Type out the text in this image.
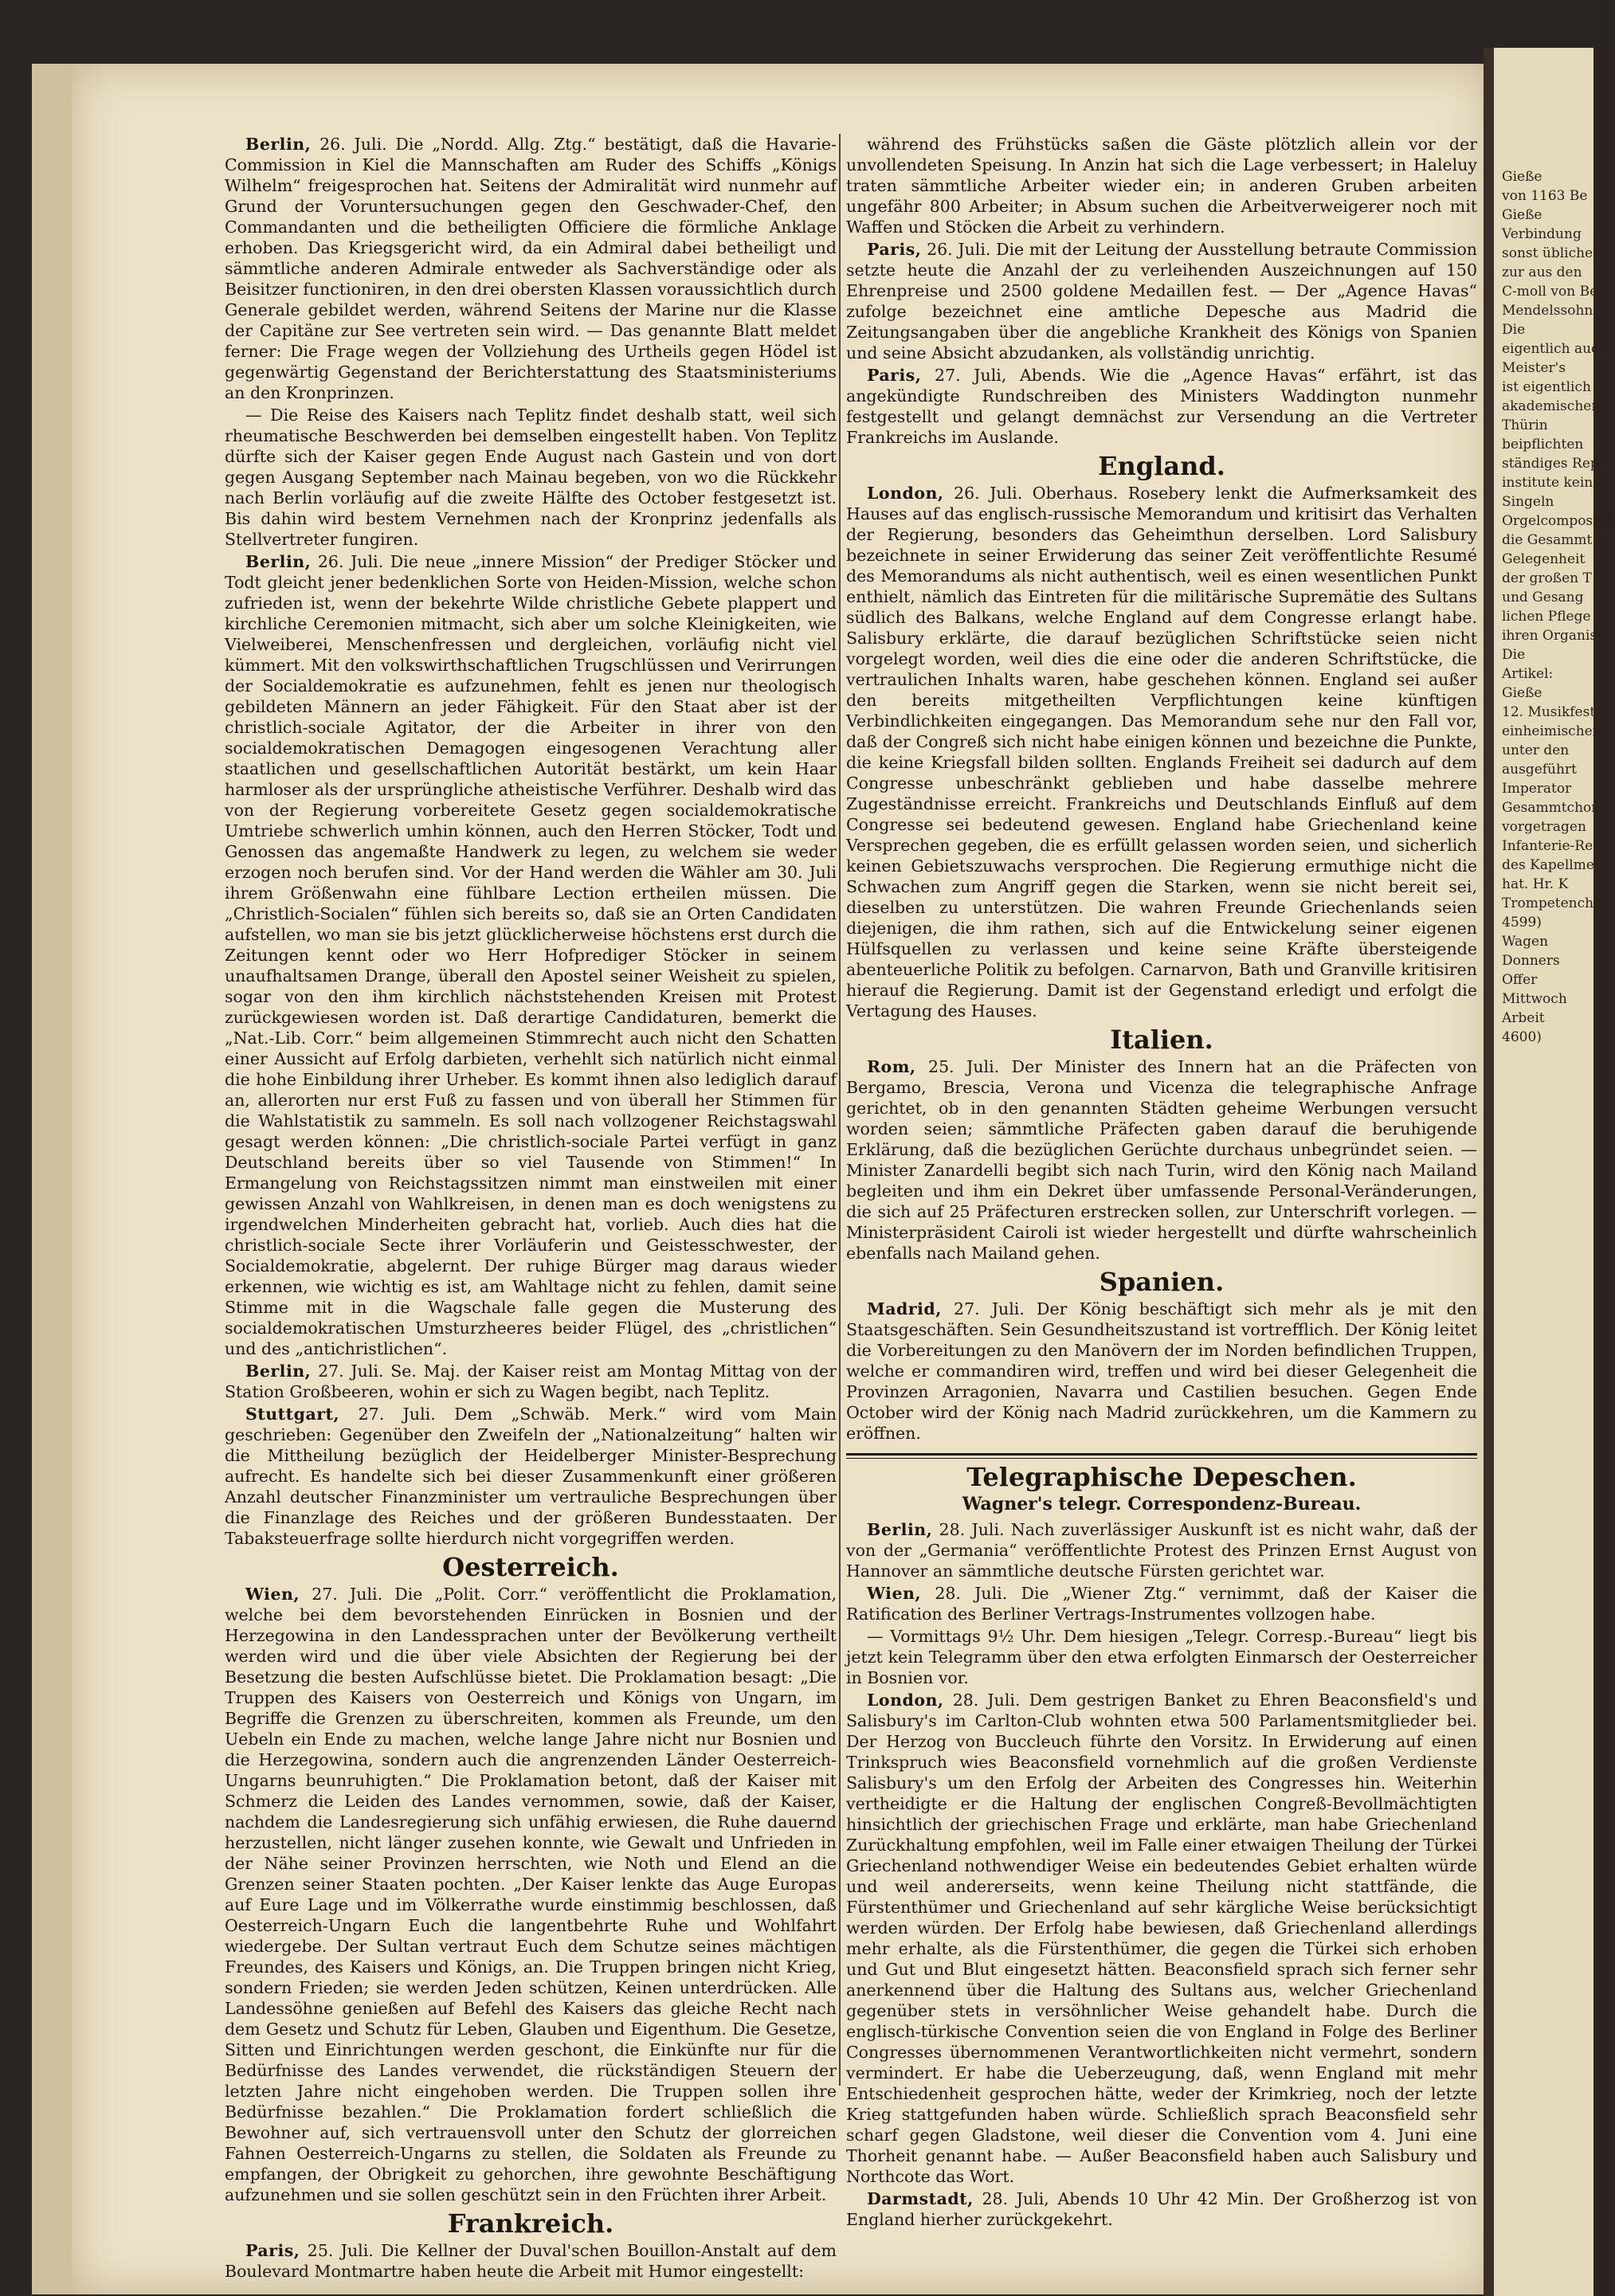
Gieße
von 1163 Be
Gieße
Verbindung
sonst üblichen
zur aus den
C-moll von Be
Mendelssohn
Die
eigentlich auch
Meister's
ist eigentlich
akademischen
Thürin
beipflichten
ständiges Repe
institute kein
Singeln
Orgelcompositio
die Gesammt
Gelegenheit
der großen T
und Gesang
lichen Pflege
ihren Organism
Die
Artikel:
Gieße
12. Musikfest
einheimischen
unter den
ausgeführt
Imperator
Gesammtchor
vorgetragen
Infanterie-Re
des Kapellmei
hat. Hr. K
Trompetenchor
4599)
Wagen
Donners
Offer
Mittwoch
Arbeit
4600)

Berlin, 26. Juli. Die „Nordd. Allg. Ztg.“ bestätigt, daß die Havarie-Commission in Kiel die Mannschaften am Ruder des Schiffs „Königs Wilhelm“ freigesprochen hat. Seitens der Admiralität wird nunmehr auf Grund der Voruntersuchungen gegen den Geschwader-Chef, den Commandanten und die betheiligten Officiere die förmliche Anklage erhoben. Das Kriegsgericht wird, da ein Admiral dabei betheiligt und sämmtliche anderen Admirale entweder als Sachverständige oder als Beisitzer functioniren, in den drei obersten Klassen voraussichtlich durch Generale gebildet werden, während Seitens der Marine nur die Klasse der Capitäne zur See vertreten sein wird. — Das genannte Blatt meldet ferner: Die Frage wegen der Vollziehung des Urtheils gegen Hödel ist gegenwärtig Gegenstand der Berichterstattung des Staatsministeriums an den Kronprinzen.

— Die Reise des Kaisers nach Teplitz findet deshalb statt, weil sich rheumatische Beschwerden bei demselben eingestellt haben. Von Teplitz dürfte sich der Kaiser gegen Ende August nach Gastein und von dort gegen Ausgang September nach Mainau begeben, von wo die Rückkehr nach Berlin vorläufig auf die zweite Hälfte des October festgesetzt ist. Bis dahin wird bestem Vernehmen nach der Kronprinz jedenfalls als Stellvertreter fungiren.

Berlin, 26. Juli. Die neue „innere Mission“ der Prediger Stöcker und Todt gleicht jener bedenklichen Sorte von Heiden-Mission, welche schon zufrieden ist, wenn der bekehrte Wilde christliche Gebete plappert und kirchliche Ceremonien mitmacht, sich aber um solche Kleinigkeiten, wie Vielweiberei, Menschenfressen und dergleichen, vorläufig nicht viel kümmert. Mit den volkswirthschaftlichen Trugschlüssen und Verirrungen der Socialdemokratie es aufzunehmen, fehlt es jenen nur theologisch gebildeten Männern an jeder Fähigkeit. Für den Staat aber ist der christlich-sociale Agitator, der die Arbeiter in ihrer von den socialdemokratischen Demagogen eingesogenen Verachtung aller staatlichen und gesellschaftlichen Autorität bestärkt, um kein Haar harmloser als der ursprüngliche atheistische Verführer. Deshalb wird das von der Regierung vorbereitete Gesetz gegen socialdemokratische Umtriebe schwerlich umhin können, auch den Herren Stöcker, Todt und Genossen das angemaßte Handwerk zu legen, zu welchem sie weder erzogen noch berufen sind. Vor der Hand werden die Wähler am 30. Juli ihrem Größenwahn eine fühlbare Lection ertheilen müssen. Die „Christlich-Socialen“ fühlen sich bereits so, daß sie an Orten Candidaten aufstellen, wo man sie bis jetzt glücklicherweise höchstens erst durch die Zeitungen kennt oder wo Herr Hofprediger Stöcker in seinem unaufhaltsamen Drange, überall den Apostel seiner Weisheit zu spielen, sogar von den ihm kirchlich nächststehenden Kreisen mit Protest zurückgewiesen worden ist. Daß derartige Candidaturen, bemerkt die „Nat.-Lib. Corr.“ beim allgemeinen Stimmrecht auch nicht den Schatten einer Aussicht auf Erfolg darbieten, verhehlt sich natürlich nicht einmal die hohe Einbildung ihrer Urheber. Es kommt ihnen also lediglich darauf an, allerorten nur erst Fuß zu fassen und von überall her Stimmen für die Wahlstatistik zu sammeln. Es soll nach vollzogener Reichstagswahl gesagt werden können: „Die christlich-sociale Partei verfügt in ganz Deutschland bereits über so viel Tausende von Stimmen!“ In Ermangelung von Reichstagssitzen nimmt man einstweilen mit einer gewissen Anzahl von Wahlkreisen, in denen man es doch wenigstens zu irgendwelchen Minderheiten gebracht hat, vorlieb. Auch dies hat die christlich-sociale Secte ihrer Vorläuferin und Geistesschwester, der Socialdemokratie, abgelernt. Der ruhige Bürger mag daraus wieder erkennen, wie wichtig es ist, am Wahltage nicht zu fehlen, damit seine Stimme mit in die Wagschale falle gegen die Musterung des socialdemokratischen Umsturzheeres beider Flügel, des „christlichen“ und des „antichristlichen“.

Berlin, 27. Juli. Se. Maj. der Kaiser reist am Montag Mittag von der Station Großbeeren, wohin er sich zu Wagen begibt, nach Teplitz.

Stuttgart, 27. Juli. Dem „Schwäb. Merk.“ wird vom Main geschrieben: Gegenüber den Zweifeln der „Nationalzeitung“ halten wir die Mittheilung bezüglich der Heidelberger Minister-Besprechung aufrecht. Es handelte sich bei dieser Zusammenkunft einer größeren Anzahl deutscher Finanzminister um vertrauliche Besprechungen über die Finanzlage des Reiches und der größeren Bundesstaaten. Der Tabaksteuerfrage sollte hierdurch nicht vorgegriffen werden.

Oesterreich.

Wien, 27. Juli. Die „Polit. Corr.“ veröffentlicht die Proklamation, welche bei dem bevorstehenden Einrücken in Bosnien und der Herzegowina in den Landessprachen unter der Bevölkerung vertheilt werden wird und die über viele Absichten der Regierung bei der Besetzung die besten Aufschlüsse bietet. Die Proklamation besagt: „Die Truppen des Kaisers von Oesterreich und Königs von Ungarn, im Begriffe die Grenzen zu überschreiten, kommen als Freunde, um den Uebeln ein Ende zu machen, welche lange Jahre nicht nur Bosnien und die Herzegowina, sondern auch die angrenzenden Länder Oesterreich-Ungarns beunruhigten.“ Die Proklamation betont, daß der Kaiser mit Schmerz die Leiden des Landes vernommen, sowie, daß der Kaiser, nachdem die Landesregierung sich unfähig erwiesen, die Ruhe dauernd herzustellen, nicht länger zusehen konnte, wie Gewalt und Unfrieden in der Nähe seiner Provinzen herrschten, wie Noth und Elend an die Grenzen seiner Staaten pochten. „Der Kaiser lenkte das Auge Europas auf Eure Lage und im Völkerrathe wurde einstimmig beschlossen, daß Oesterreich-Ungarn Euch die langentbehrte Ruhe und Wohlfahrt wiedergebe. Der Sultan vertraut Euch dem Schutze seines mächtigen Freundes, des Kaisers und Königs, an. Die Truppen bringen nicht Krieg, sondern Frieden; sie werden Jeden schützen, Keinen unterdrücken. Alle Landessöhne genießen auf Befehl des Kaisers das gleiche Recht nach dem Gesetz und Schutz für Leben, Glauben und Eigenthum. Die Gesetze, Sitten und Einrichtungen werden geschont, die Einkünfte nur für die Bedürfnisse des Landes verwendet, die rückständigen Steuern der letzten Jahre nicht eingehoben werden. Die Truppen sollen ihre Bedürfnisse bezahlen.“ Die Proklamation fordert schließlich die Bewohner auf, sich vertrauensvoll unter den Schutz der glorreichen Fahnen Oesterreich-Ungarns zu stellen, die Soldaten als Freunde zu empfangen, der Obrigkeit zu gehorchen, ihre gewohnte Beschäftigung aufzunehmen und sie sollen geschützt sein in den Früchten ihrer Arbeit.

Frankreich.

Paris, 25. Juli. Die Kellner der Duval'schen Bouillon-Anstalt auf dem Boulevard Montmartre haben heute die Arbeit mit Humor eingestellt:

während des Frühstücks saßen die Gäste plötzlich allein vor der unvollendeten Speisung. In Anzin hat sich die Lage verbessert; in Haleluy traten sämmtliche Arbeiter wieder ein; in anderen Gruben arbeiten ungefähr 800 Arbeiter; in Absum suchen die Arbeitverweigerer noch mit Waffen und Stöcken die Arbeit zu verhindern.

Paris, 26. Juli. Die mit der Leitung der Ausstellung betraute Commission setzte heute die Anzahl der zu verleihenden Auszeichnungen auf 150 Ehrenpreise und 2500 goldene Medaillen fest. — Der „Agence Havas“ zufolge bezeichnet eine amtliche Depesche aus Madrid die Zeitungsangaben über die angebliche Krankheit des Königs von Spanien und seine Absicht abzudanken, als vollständig unrichtig.

Paris, 27. Juli, Abends. Wie die „Agence Havas“ erfährt, ist das angekündigte Rundschreiben des Ministers Waddington nunmehr festgestellt und gelangt demnächst zur Versendung an die Vertreter Frankreichs im Auslande.

England.

London, 26. Juli. Oberhaus. Rosebery lenkt die Aufmerksamkeit des Hauses auf das englisch-russische Memorandum und kritisirt das Verhalten der Regierung, besonders das Geheimthun derselben. Lord Salisbury bezeichnete in seiner Erwiderung das seiner Zeit veröffentlichte Resumé des Memorandums als nicht authentisch, weil es einen wesentlichen Punkt enthielt, nämlich das Eintreten für die militärische Supremätie des Sultans südlich des Balkans, welche England auf dem Congresse erlangt habe. Salisbury erklärte, die darauf bezüglichen Schriftstücke seien nicht vorgelegt worden, weil dies die eine oder die anderen Schriftstücke, die vertraulichen Inhalts waren, habe geschehen können. England sei außer den bereits mitgetheilten Verpflichtungen keine künftigen Verbindlichkeiten eingegangen. Das Memorandum sehe nur den Fall vor, daß der Congreß sich nicht habe einigen können und bezeichne die Punkte, die keine Kriegsfall bilden sollten. Englands Freiheit sei dadurch auf dem Congresse unbeschränkt geblieben und habe dasselbe mehrere Zugeständnisse erreicht. Frankreichs und Deutschlands Einfluß auf dem Congresse sei bedeutend gewesen. England habe Griechenland keine Versprechen gegeben, die es erfüllt gelassen worden seien, und sicherlich keinen Gebietszuwachs versprochen. Die Regierung ermuthige nicht die Schwachen zum Angriff gegen die Starken, wenn sie nicht bereit sei, dieselben zu unterstützen. Die wahren Freunde Griechenlands seien diejenigen, die ihm rathen, sich auf die Entwickelung seiner eigenen Hülfsquellen zu verlassen und keine seine Kräfte übersteigende abenteuerliche Politik zu befolgen. Carnarvon, Bath und Granville kritisiren hierauf die Regierung. Damit ist der Gegenstand erledigt und erfolgt die Vertagung des Hauses.

Italien.

Rom, 25. Juli. Der Minister des Innern hat an die Präfecten von Bergamo, Brescia, Verona und Vicenza die telegraphische Anfrage gerichtet, ob in den genannten Städten geheime Werbungen versucht worden seien; sämmtliche Präfecten gaben darauf die beruhigende Erklärung, daß die bezüglichen Gerüchte durchaus unbegründet seien. — Minister Zanardelli begibt sich nach Turin, wird den König nach Mailand begleiten und ihm ein Dekret über umfassende Personal-Veränderungen, die sich auf 25 Präfecturen erstrecken sollen, zur Unterschrift vorlegen. — Ministerpräsident Cairoli ist wieder hergestellt und dürfte wahrscheinlich ebenfalls nach Mailand gehen.

Spanien.

Madrid, 27. Juli. Der König beschäftigt sich mehr als je mit den Staatsgeschäften. Sein Gesundheitszustand ist vortrefflich. Der König leitet die Vorbereitungen zu den Manövern der im Norden befindlichen Truppen, welche er commandiren wird, treffen und wird bei dieser Gelegenheit die Provinzen Arragonien, Navarra und Castilien besuchen. Gegen Ende October wird der König nach Madrid zurückkehren, um die Kammern zu eröffnen.

Telegraphische Depeschen.
Wagner's telegr. Correspondenz-Bureau.

Berlin, 28. Juli. Nach zuverlässiger Auskunft ist es nicht wahr, daß der von der „Germania“ veröffentlichte Protest des Prinzen Ernst August von Hannover an sämmtliche deutsche Fürsten gerichtet war.

Wien, 28. Juli. Die „Wiener Ztg.“ vernimmt, daß der Kaiser die Ratification des Berliner Vertrags-Instrumentes vollzogen habe.

— Vormittags 9½ Uhr. Dem hiesigen „Telegr. Corresp.-Bureau“ liegt bis jetzt kein Telegramm über den etwa erfolgten Einmarsch der Oesterreicher in Bosnien vor.

London, 28. Juli. Dem gestrigen Banket zu Ehren Beaconsfield's und Salisbury's im Carlton-Club wohnten etwa 500 Parlamentsmitglieder bei. Der Herzog von Buccleuch führte den Vorsitz. In Erwiderung auf einen Trinkspruch wies Beaconsfield vornehmlich auf die großen Verdienste Salisbury's um den Erfolg der Arbeiten des Congresses hin. Weiterhin vertheidigte er die Haltung der englischen Congreß-Bevollmächtigten hinsichtlich der griechischen Frage und erklärte, man habe Griechenland Zurückhaltung empfohlen, weil im Falle einer etwaigen Theilung der Türkei Griechenland nothwendiger Weise ein bedeutendes Gebiet erhalten würde und weil andererseits, wenn keine Theilung nicht stattfände, die Fürstenthümer und Griechenland auf sehr kärgliche Weise berücksichtigt werden würden. Der Erfolg habe bewiesen, daß Griechenland allerdings mehr erhalte, als die Fürstenthümer, die gegen die Türkei sich erhoben und Gut und Blut eingesetzt hätten. Beaconsfield sprach sich ferner sehr anerkennend über die Haltung des Sultans aus, welcher Griechenland gegenüber stets in versöhnlicher Weise gehandelt habe. Durch die englisch-türkische Convention seien die von England in Folge des Berliner Congresses übernommenen Verantwortlichkeiten nicht vermehrt, sondern vermindert. Er habe die Ueberzeugung, daß, wenn England mit mehr Entschiedenheit gesprochen hätte, weder der Krimkrieg, noch der letzte Krieg stattgefunden haben würde. Schließlich sprach Beaconsfield sehr scharf gegen Gladstone, weil dieser die Convention vom 4. Juni eine Thorheit genannt habe. — Außer Beaconsfield haben auch Salisbury und Northcote das Wort.

Darmstadt, 28. Juli, Abends 10 Uhr 42 Min. Der Großherzog ist von England hierher zurückgekehrt.
